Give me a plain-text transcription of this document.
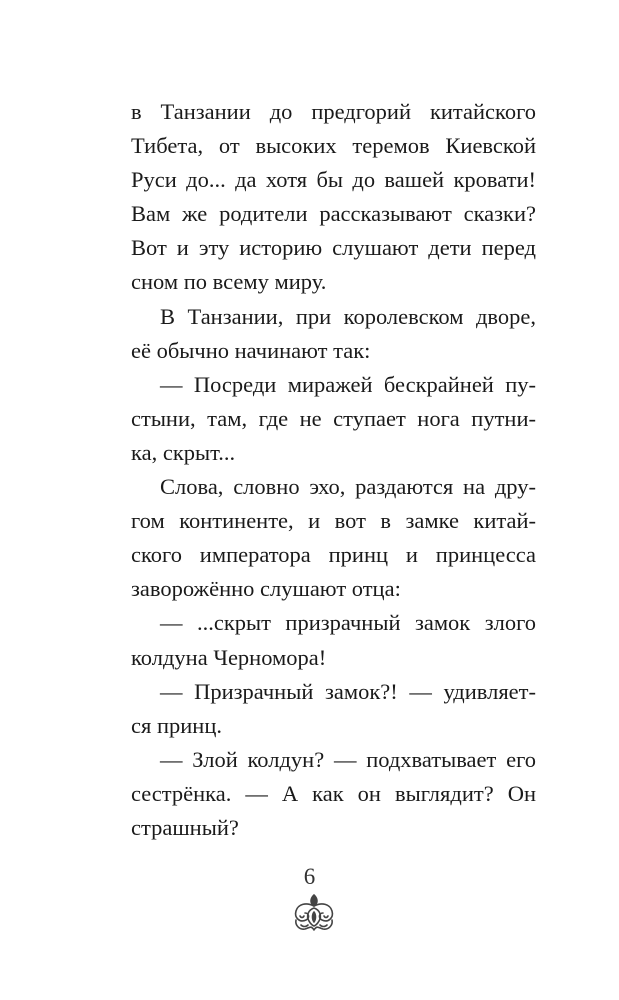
в Танзании до предгорий китайского
Тибета, от высоких теремов Киевской
Руси до... да хотя бы до вашей кровати!
Вам же родители рассказывают сказки?
Вот и эту историю слушают дети перед
сном по всему миру.
В Танзании, при королевском дворе,
её обычно начинают так:
— Посреди миражей бескрайней пу-
стыни, там, где не ступает нога путни-
ка, скрыт...
Слова, словно эхо, раздаются на дру-
гом континенте, и вот в замке китай-
ского императора принц и принцесса
заворожённо слушают отца:
— ...скрыт призрачный замок злого
колдуна Черномора!
— Призрачный замок?! — удивляет-
ся принц.
— Злой колдун? — подхватывает его
сестрёнка. — А как он выглядит? Он
страшный?
6
